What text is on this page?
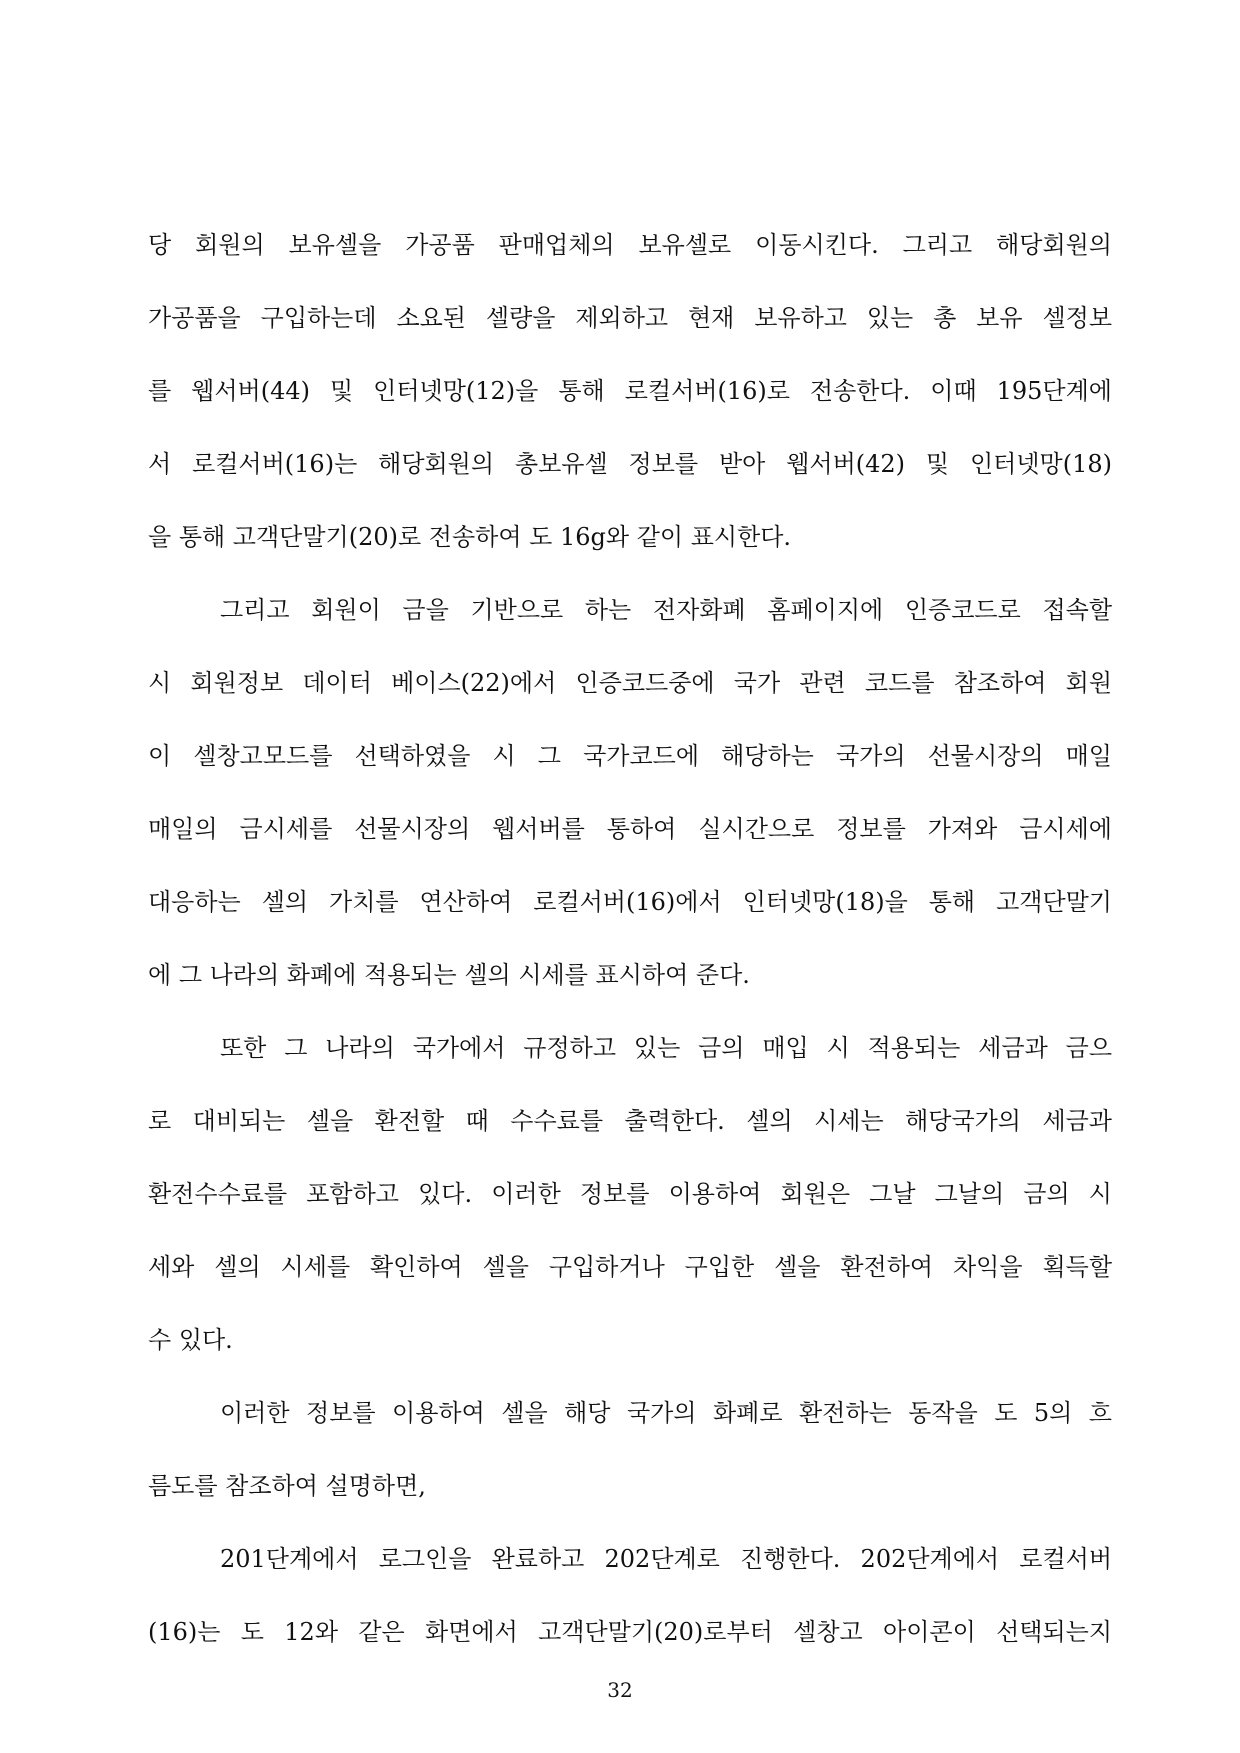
당 회원의 보유셀을 가공품 판매업체의 보유셀로 이동시킨다. 그리고 해당회원의
가공품을 구입하는데 소요된 셀량을 제외하고 현재 보유하고 있는 총 보유 셀정보
를 웹서버(44) 및 인터넷망(12)을 통해 로컬서버(16)로 전송한다. 이때 195단계에
서 로컬서버(16)는 해당회원의 총보유셀 정보를 받아 웹서버(42) 및 인터넷망(18)
을 통해 고객단말기(20)로 전송하여 도 16g와 같이 표시한다.
그리고 회원이 금을 기반으로 하는 전자화폐 홈페이지에 인증코드로 접속할
시 회원정보 데이터 베이스(22)에서 인증코드중에 국가 관련 코드를 참조하여 회원
이 셀창고모드를 선택하였을 시 그 국가코드에 해당하는 국가의 선물시장의 매일
매일의 금시세를 선물시장의 웹서버를 통하여 실시간으로 정보를 가져와 금시세에
대응하는 셀의 가치를 연산하여 로컬서버(16)에서 인터넷망(18)을 통해 고객단말기
에 그 나라의 화폐에 적용되는 셀의 시세를 표시하여 준다.
또한 그 나라의 국가에서 규정하고 있는 금의 매입 시 적용되는 세금과 금으
로 대비되는 셀을 환전할 때 수수료를 출력한다. 셀의 시세는 해당국가의 세금과
환전수수료를 포함하고 있다. 이러한 정보를 이용하여 회원은 그날 그날의 금의 시
세와 셀의 시세를 확인하여 셀을 구입하거나 구입한 셀을 환전하여 차익을 획득할
수 있다.
이러한 정보를 이용하여 셀을 해당 국가의 화폐로 환전하는 동작을 도 5의 흐
름도를 참조하여 설명하면,
201단계에서 로그인을 완료하고 202단계로 진행한다. 202단계에서 로컬서버
(16)는 도 12와 같은 화면에서 고객단말기(20)로부터 셀창고 아이콘이 선택되는지
32
